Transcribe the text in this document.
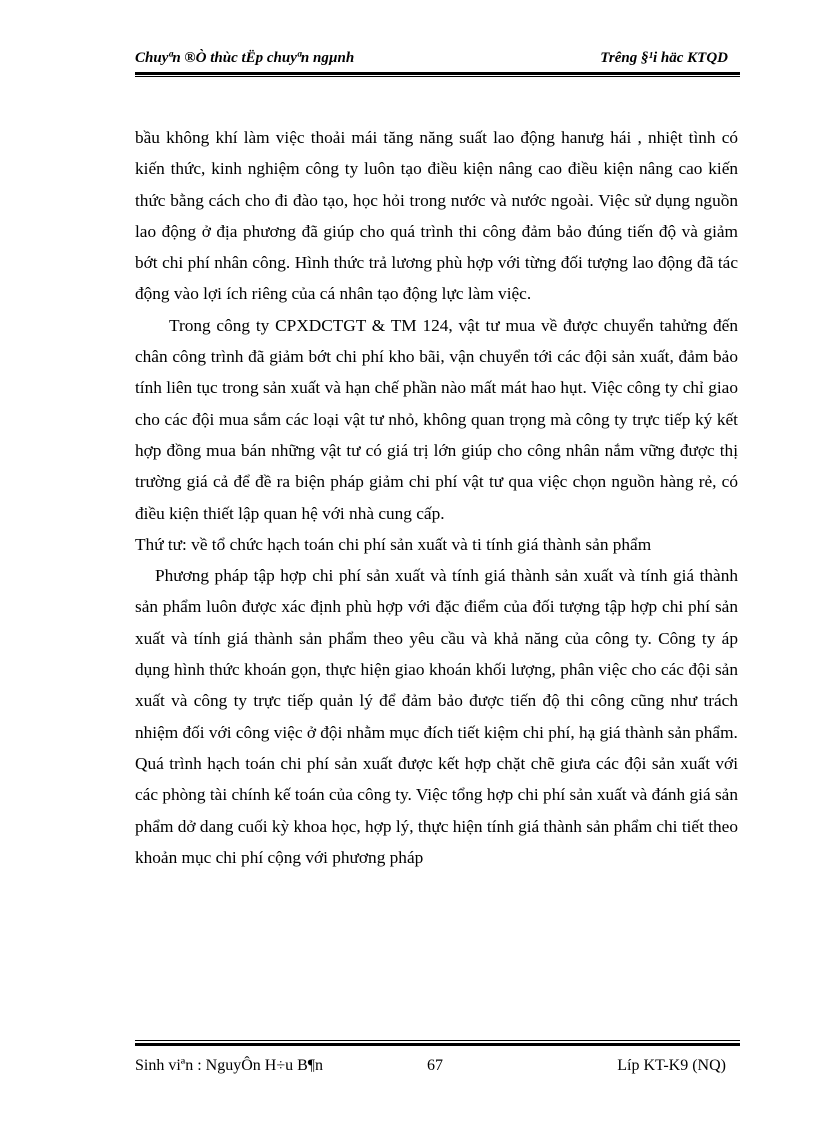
Chuyªn ®Ò thùc tËp chuyªn ngµnh	Trêng §¹i häc KTQD

bầu không khí làm việc thoải mái tăng năng suất lao động hanưg hái , nhiệt tình có kiến thức, kinh nghiệm công ty luôn tạo điều kiện nâng cao điều kiện nâng cao kiến thức bằng cách cho đi đào tạo, học hỏi trong nước và nước ngoài. Việc sử dụng nguồn lao động ở địa phương đã giúp cho quá trình thi công đảm bảo đúng tiến độ và giảm bớt chi phí nhân công. Hình thức trả lương phù hợp với từng đối tượng lao động đã tác động vào lợi ích riêng của cá nhân tạo động lực làm việc.

Trong công ty CPXDCTGT & TM 124, vật tư mua về được chuyển tahửng đến chân công trình đã giảm bớt chi phí kho bãi, vận chuyển tới các đội sản xuất, đảm bảo tính liên tục trong sản xuất và hạn chế phần nào mất mát hao hụt. Việc công ty chỉ giao cho các đội mua sắm các loại vật tư nhỏ, không quan trọng mà công ty trực tiếp ký kết hợp đồng mua bán những vật tư có giá trị lớn giúp cho công nhân nắm vững được thị trường giá cả để đề ra biện pháp giảm chi phí vật tư qua việc chọn nguồn hàng rẻ, có điều kiện thiết lập quan hệ với nhà cung cấp.

Thứ tư: về tổ chức hạch toán chi phí sản xuất và ti tính giá thành sản phẩm

Phương pháp tập hợp chi phí sản xuất và tính giá thành sản xuất và tính giá thành sản phẩm luôn được xác định phù hợp với đặc điểm của đối tượng tập hợp chi phí sản xuất và tính giá thành sản phẩm theo yêu cầu và khả năng của công ty. Công ty áp dụng hình thức khoán gọn, thực hiện giao khoán khối lượng, phân việc cho các đội sản xuất và công ty trực tiếp quản lý để đảm bảo được tiến độ thi công cũng như trách nhiệm đối với công việc ở đội nhằm mục đích tiết kiệm chi phí, hạ giá thành sản phẩm.

Quá trình hạch toán chi phí sản xuất được kết hợp chặt chẽ giưa các đội sản xuất với các phòng tài chính kế toán của công ty. Việc tổng hợp chi phí sản xuất và đánh giá sản phẩm dở dang cuối kỳ khoa học, hợp lý, thực hiện tính giá thành sản phẩm chi tiết theo khoản mục chi phí cộng với phương pháp

Sinh viªn : NguyÔn H÷u B¶n	67	Líp KT-K9 (NQ)
